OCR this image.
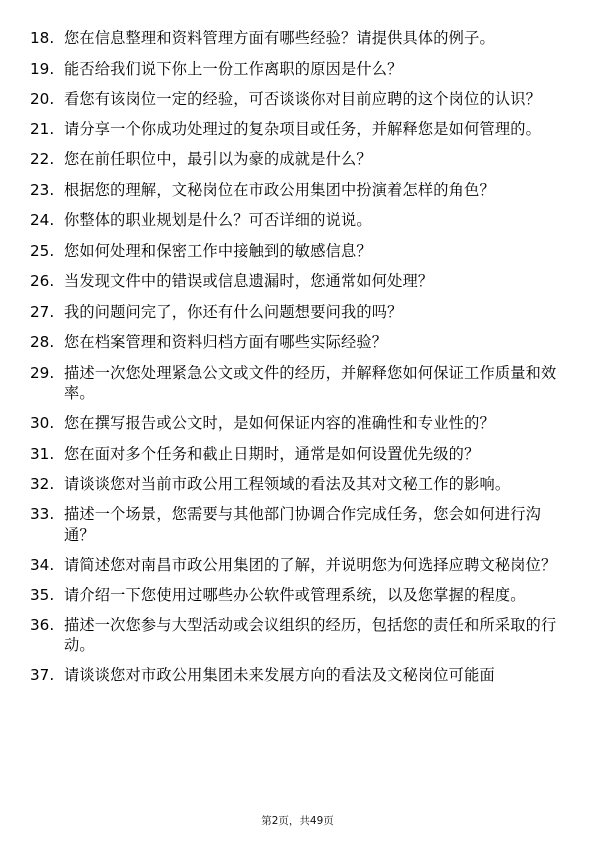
18. 您在信息整理和资料管理方面有哪些经验？请提供具体的例子。
19. 能否给我们说下你上一份工作离职的原因是什么？
20. 看您有该岗位一定的经验，可否谈谈你对目前应聘的这个岗位的认识？
21. 请分享一个你成功处理过的复杂项目或任务，并解释您是如何管理的。
22. 您在前任职位中，最引以为豪的成就是什么？
23. 根据您的理解，文秘岗位在市政公用集团中扮演着怎样的角色？
24. 你整体的职业规划是什么？可否详细的说说。
25. 您如何处理和保密工作中接触到的敏感信息？
26. 当发现文件中的错误或信息遗漏时，您通常如何处理？
27. 我的问题问完了，你还有什么问题想要问我的吗？
28. 您在档案管理和资料归档方面有哪些实际经验？
29. 描述一次您处理紧急公文或文件的经历，并解释您如何保证工作质量和效率。
30. 您在撰写报告或公文时，是如何保证内容的准确性和专业性的？
31. 您在面对多个任务和截止日期时，通常是如何设置优先级的？
32. 请谈谈您对当前市政公用工程领域的看法及其对文秘工作的影响。
33. 描述一个场景，您需要与其他部门协调合作完成任务，您会如何进行沟通？
34. 请简述您对南昌市政公用集团的了解，并说明您为何选择应聘文秘岗位？
35. 请介绍一下您使用过哪些办公软件或管理系统，以及您掌握的程度。
36. 描述一次您参与大型活动或会议组织的经历，包括您的责任和所采取的行动。
37. 请谈谈您对市政公用集团未来发展方向的看法及文秘岗位可能面
第2页，共49页
